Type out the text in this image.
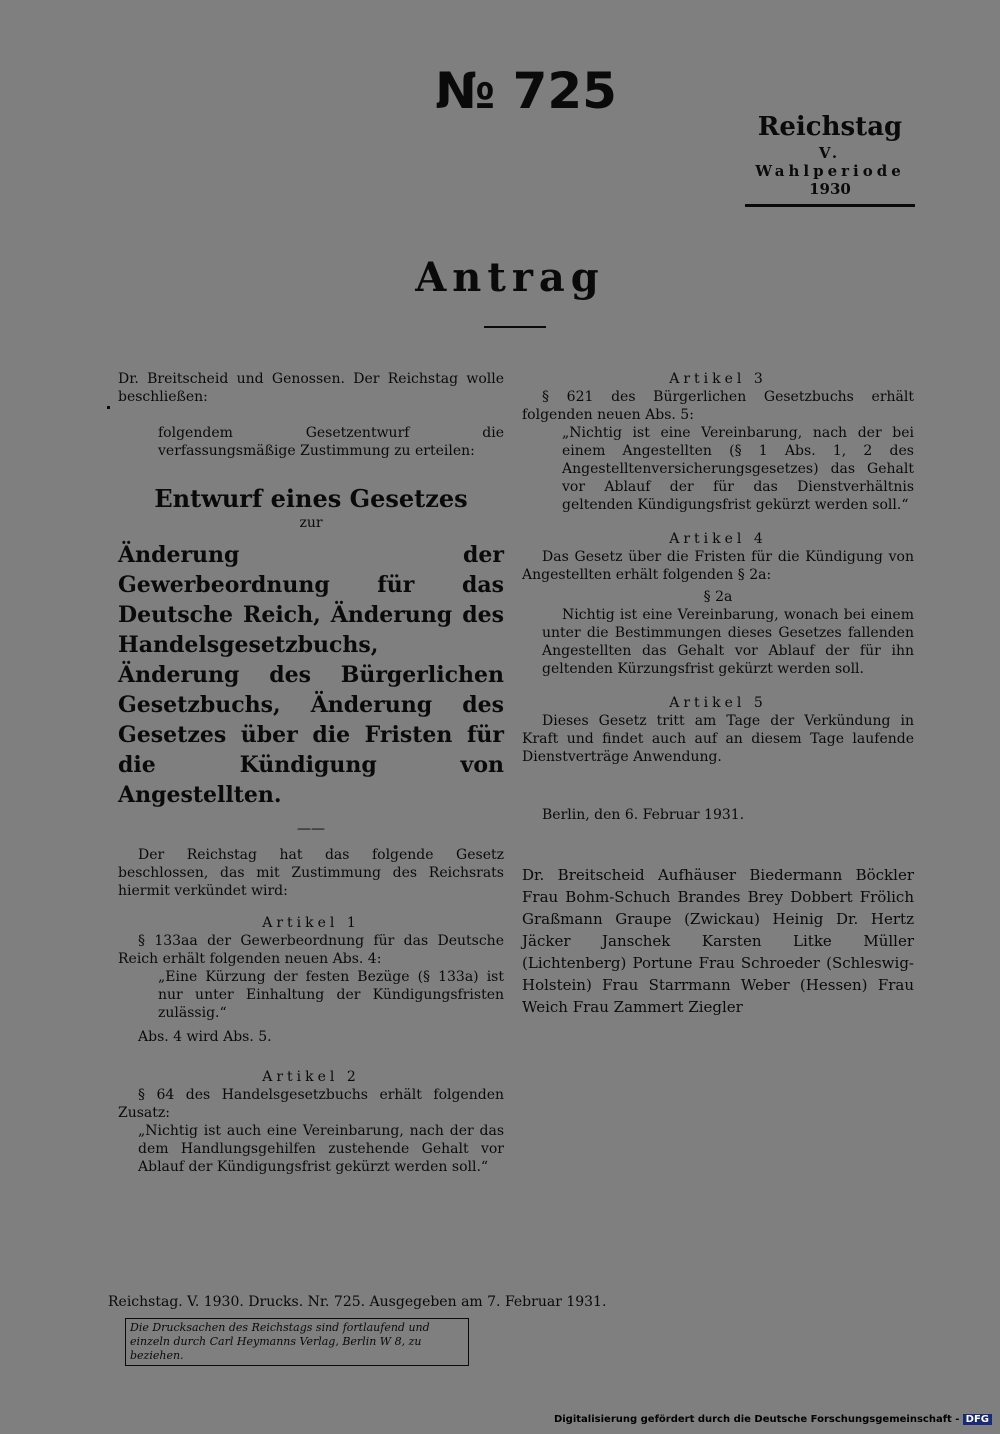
№ 725
Reichstag
V. Wahlperiode
1930
Antrag

Dr. Breitscheid und Genossen. Der Reichstag wolle beschließen:

folgendem Gesetzentwurf die verfassungsmäßige Zustimmung zu erteilen:

Entwurf eines Gesetzes

zur

Änderung der Gewerbeordnung für das Deutsche Reich, Änderung des Handelsgesetzbuchs, Änderung des Bürgerlichen Gesetzbuchs, Änderung des Gesetzes über die Fristen für die Kündigung von Angestellten.

——

Der Reichstag hat das folgende Gesetz beschlossen, das mit Zustimmung des Reichsrats hiermit verkündet wird:

Artikel 1

§ 133aa der Gewerbeordnung für das Deutsche Reich erhält folgenden neuen Abs. 4:

„Eine Kürzung der festen Bezüge (§ 133a) ist nur unter Einhaltung der Kündigungsfristen zulässig.“

Abs. 4 wird Abs. 5.

Artikel 2

§ 64 des Handelsgesetzbuchs erhält folgenden Zusatz:

„Nichtig ist auch eine Vereinbarung, nach der das dem Handlungsgehilfen zustehende Gehalt vor Ablauf der Kündigungsfrist gekürzt werden soll.“

Artikel 3

§ 621 des Bürgerlichen Gesetzbuchs erhält folgenden neuen Abs. 5:

„Nichtig ist eine Vereinbarung, nach der bei einem Angestellten (§ 1 Abs. 1, 2 des Angestelltenversicherungsgesetzes) das Gehalt vor Ablauf der für das Dienstverhältnis geltenden Kündigungsfrist gekürzt werden soll.“

Artikel 4

Das Gesetz über die Fristen für die Kündigung von Angestellten erhält folgenden § 2a:

§ 2a

Nichtig ist eine Vereinbarung, wonach bei einem unter die Bestimmungen dieses Gesetzes fallenden Angestellten das Gehalt vor Ablauf der für ihn geltenden Kürzungsfrist gekürzt werden soll.

Artikel 5

Dieses Gesetz tritt am Tage der Verkündung in Kraft und findet auch auf an diesem Tage laufende Dienstverträge Anwendung.

Berlin, den 6. Februar 1931.

Dr. Breitscheid Aufhäuser Biedermann Böckler Frau Bohm-Schuch Brandes Brey Dobbert Frölich Graßmann Graupe (Zwickau) Heinig Dr. Hertz Jäcker Janschek Karsten Litke Müller (Lichtenberg) Portune Frau Schroeder (Schleswig-Holstein) Frau Starrmann Weber (Hessen) Frau Weich Frau Zammert Ziegler

Reichstag. V. 1930. Drucks. Nr. 725. Ausgegeben am 7. Februar 1931.
Die Drucksachen des Reichstags sind fortlaufend und einzeln durch Carl Heymanns Verlag, Berlin W 8, zu beziehen.
Digitalisierung gefördert durch die Deutsche Forschungsgemeinschaft - DFG
